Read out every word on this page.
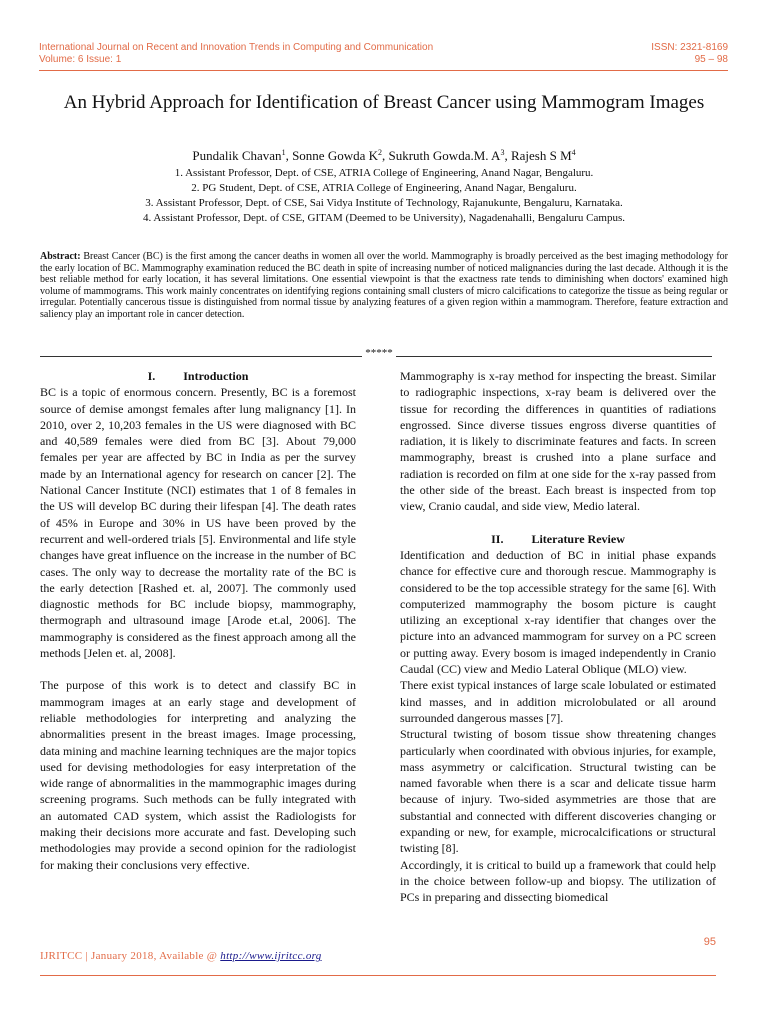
International Journal on Recent and Innovation Trends in Computing and Communication	ISSN: 2321-8169
Volume: 6 Issue: 1	95 – 98
An Hybrid Approach for Identification of Breast Cancer using Mammogram Images
Pundalik Chavan$^1$, Sonne Gowda $K^2$, Sukruth Gowda.M. $A^3$, Rajesh S $M^4$
1. Assistant Professor, Dept. of CSE, ATRIA College of Engineering, Anand Nagar, Bengaluru.
2. PG Student, Dept. of CSE, ATRIA College of Engineering, Anand Nagar, Bengaluru.
3. Assistant Professor, Dept. of CSE, Sai Vidya Institute of Technology, Rajanukunte, Bengaluru, Karnataka.
4. Assistant Professor, Dept. of CSE, GITAM (Deemed to be University), Nagadenahalli, Bengaluru Campus.
Abstract: Breast Cancer (BC) is the first among the cancer deaths in women all over the world. Mammography is broadly perceived as the best imaging methodology for the early location of BC. Mammography examination reduced the BC death in spite of increasing number of noticed malignancies during the last decade. Although it is the best reliable method for early location, it has several limitations. One essential viewpoint is that the exactness rate tends to diminishing when doctors' examined high volume of mammograms. This work mainly concentrates on identifying regions containing small clusters of micro calcifications to categorize the tissue as being regular or irregular. Potentially cancerous tissue is distinguished from normal tissue by analyzing features of a given region within a mammogram. Therefore, feature extraction and saliency play an important role in cancer detection.
*****

I. Introduction

BC is a topic of enormous concern. Presently, BC is a foremost source of demise amongst females after lung malignancy [1]. In 2010, over 2, 10,203 females in the US were diagnosed with BC and 40,589 females were died from BC [3]. About 79,000 females per year are affected by BC in India as per the survey made by an International agency for research on cancer [2]. The National Cancer Institute (NCI) estimates that 1 of 8 females in the US will develop BC during their lifespan [4]. The death rates of 45% in Europe and 30% in US have been proved by the recurrent and well-ordered trials [5]. Environmental and life style changes have great influence on the increase in the number of BC cases. The only way to decrease the mortality rate of the BC is the early detection [Rashed et. al, 2007]. The commonly used diagnostic methods for BC include biopsy, mammography, thermograph and ultrasound image [Arode et.al, 2006]. The mammography is considered as the finest approach among all the methods [Jelen et. al, 2008].

The purpose of this work is to detect and classify BC in mammogram images at an early stage and development of reliable methodologies for interpreting and analyzing the abnormalities present in the breast images. Image processing, data mining and machine learning techniques are the major topics used for devising methodologies for easy interpretation of the wide range of abnormalities in the mammographic images during screening programs. Such methods can be fully integrated with an automated CAD system, which assist the Radiologists for making their decisions more accurate and fast. Developing such methodologies may provide a second opinion for the radiologist for making their conclusions very effective.

Mammography is x-ray method for inspecting the breast. Similar to radiographic inspections, x-ray beam is delivered over the tissue for recording the differences in quantities of radiations engrossed. Since diverse tissues engross diverse quantities of radiation, it is likely to discriminate features and facts. In screen mammography, breast is crushed into a plane surface and radiation is recorded on film at one side for the x-ray passed from the other side of the breast. Each breast is inspected from top view, Cranio caudal, and side view, Medio lateral.

II. Literature Review

Identification and deduction of BC in initial phase expands chance for effective cure and thorough rescue. Mammography is considered to be the top accessible strategy for the same [6]. With computerized mammography the bosom picture is caught utilizing an exceptional x-ray identifier that changes over the picture into an advanced mammogram for survey on a PC screen or putting away. Every bosom is imaged independently in Cranio Caudal (CC) view and Medio Lateral Oblique (MLO) view.

There exist typical instances of large scale lobulated or estimated kind masses, and in addition microlobulated or all around surrounded dangerous masses [7].

Structural twisting of bosom tissue show threatening changes particularly when coordinated with obvious injuries, for example, mass asymmetry or calcification. Structural twisting can be named favorable when there is a scar and delicate tissue harm because of injury. Two-sided asymmetries are those that are substantial and connected with different discoveries changing or expanding or new, for example, microcalcifications or structural twisting [8].

Accordingly, it is critical to build up a framework that could help in the choice between follow-up and biopsy. The utilization of PCs in preparing and dissecting biomedical

95
IJRITCC | January 2018, Available @ http://www.ijritcc.org
